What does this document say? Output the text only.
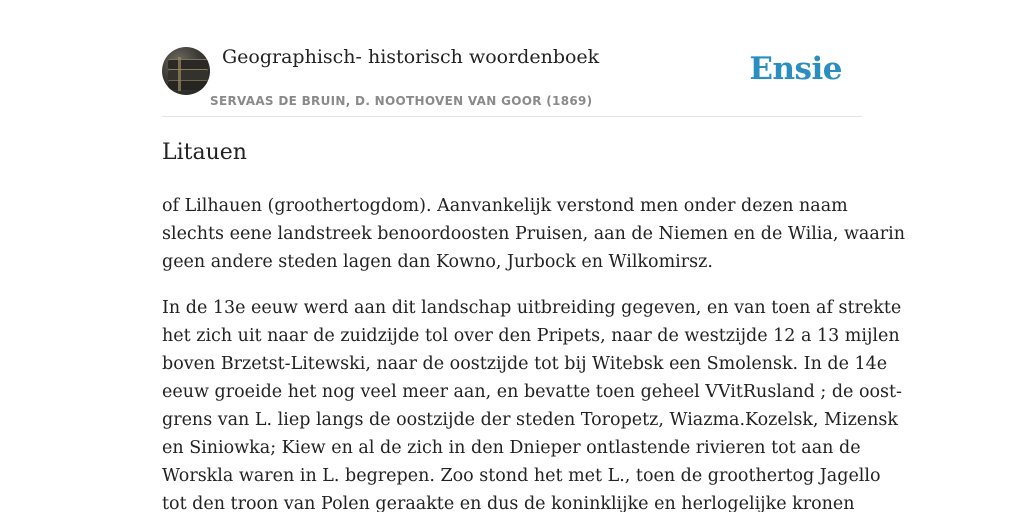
Geographisch- historisch woordenboek
SERVAAS DE BRUIN, D. NOOTHOVEN VAN GOOR (1869)
Ensie
Litauen

of Lilhauen (groothertogdom). Aanvankelijk verstond men onder dezen naam
slechts eene landstreek benoordoosten Pruisen, aan de Niemen en de Wilia, waarin
geen andere steden lagen dan Kowno, Jurbock en Wilkomirsz.

In de 13e eeuw werd aan dit landschap uitbreiding gegeven, en van toen af strekte
het zich uit naar de zuidzijde tol over den Pripets, naar de westzijde 12 a 13 mijlen
boven Brzetst-Litewski, naar de oostzijde tot bij Witebsk een Smolensk. In de 14e
eeuw groeide het nog veel meer aan, en bevatte toen geheel VVitRusland ; de oost-
grens van L. liep langs de oostzijde der steden Toropetz, Wiazma.Kozelsk, Mizensk
en Siniowka; Kiew en al de zich in den Dnieper ontlastende rivieren tot aan de
Worskla waren in L. begrepen. Zoo stond het met L., toen de groothertog Jagello
tot den troon van Polen geraakte en dus de koninklijke en herlogelijke kronen
